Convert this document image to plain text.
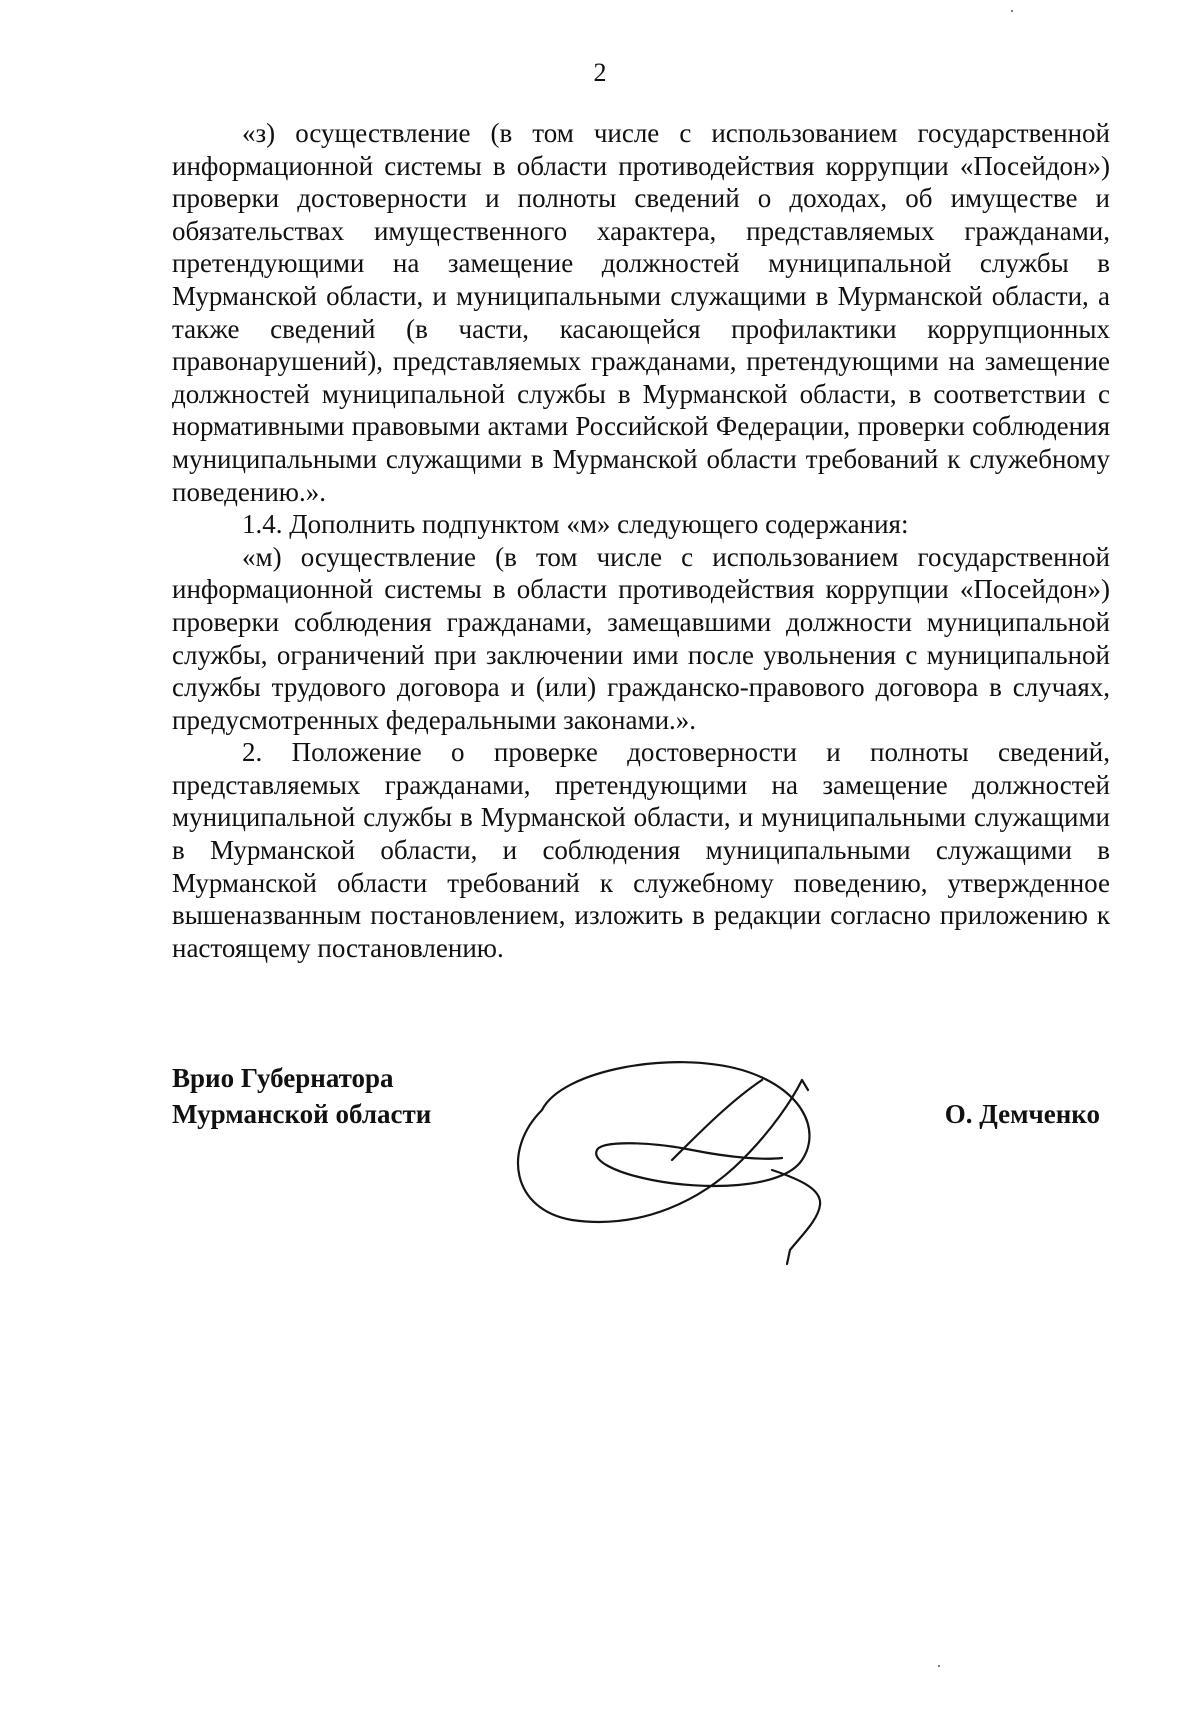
2

«з) осуществление (в том числе с использованием государственной информационной системы в области противодействия коррупции «Посейдон») проверки достоверности и полноты сведений о доходах, об имуществе и обязательствах имущественного характера, представляемых гражданами, претендующими на замещение должностей муниципальной службы в Мурманской области, и муниципальными служащими в Мурманской области, а также сведений (в части, касающейся профилактики коррупционных правонарушений), представляемых гражданами, претендующими на замещение должностей муниципальной службы в Мурманской области, в соответствии с нормативными правовыми актами Российской Федерации, проверки соблюдения муниципальными служащими в Мурманской области требований к служебному поведению.».

1.4. Дополнить подпунктом «м» следующего содержания:

«м) осуществление (в том числе с использованием государственной информационной системы в области противодействия коррупции «Посейдон») проверки соблюдения гражданами, замещавшими должности муниципальной службы, ограничений при заключении ими после увольнения с муниципальной службы трудового договора и (или) гражданско-правового договора в случаях, предусмотренных федеральными законами.».

2. Положение о проверке достоверности и полноты сведений, представляемых гражданами, претендующими на замещение должностей муниципальной службы в Мурманской области, и муниципальными служащими в Мурманской области, и соблюдения муниципальными служащими в Мурманской области требований к служебному поведению, утвержденное вышеназванным постановлением, изложить в редакции согласно приложению к настоящему постановлению.

Врио Губернатора
Мурманской области	О. Демченко
